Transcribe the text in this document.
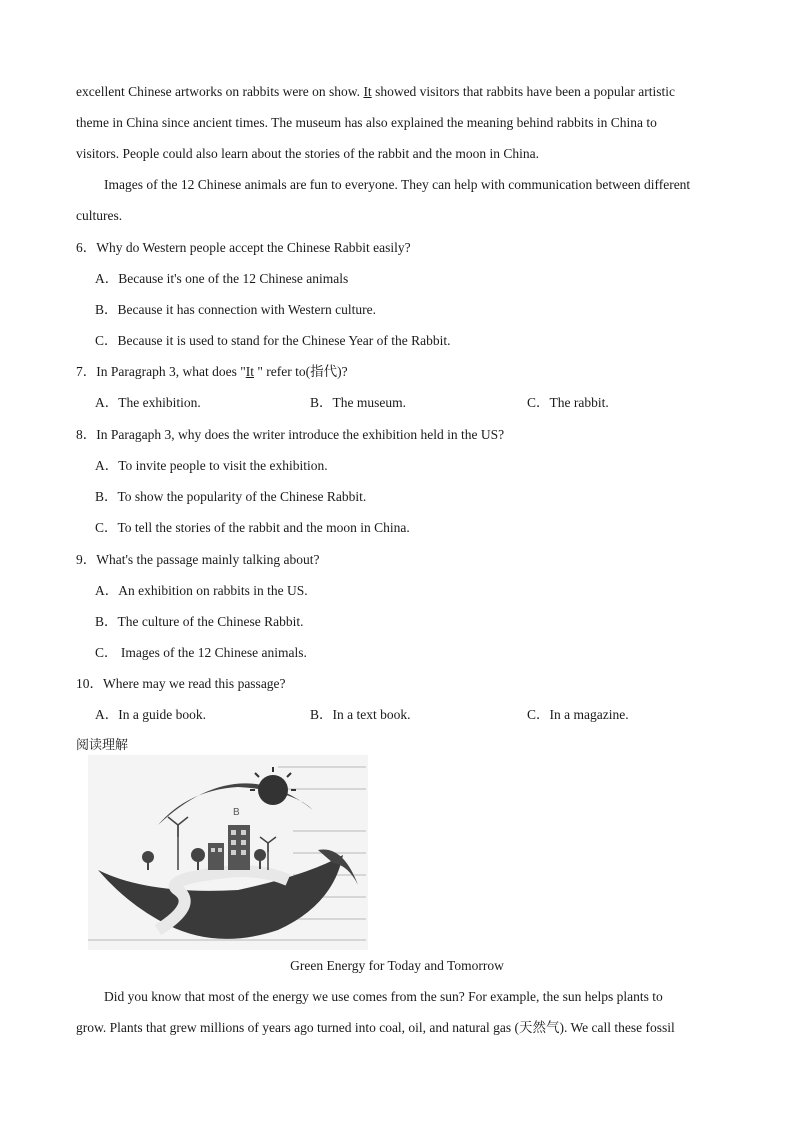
excellent Chinese artworks on rabbits were on show. It showed visitors that rabbits have been a popular artistic
theme in China since ancient times. The museum has also explained the meaning behind rabbits in China to
visitors. People could also learn about the stories of the rabbit and the moon in China.
Images of the 12 Chinese animals are fun to everyone. They can help with communication between different
cultures.
6．Why do Western people accept the Chinese Rabbit easily?
A．Because it's one of the 12 Chinese animals
B．Because it has connection with Western culture.
C．Because it is used to stand for the Chinese Year of the Rabbit.
7．In Paragraph 3, what does "It " refer to(指代)?
A．The exhibition.	B．The museum.	C．The rabbit.
8．In Paragaph 3, why does the writer introduce the exhibition held in the US?
A．To invite people to visit the exhibition.
B．To show the popularity of the Chinese Rabbit.
C．To tell the stories of the rabbit and the moon in China.
9．What's the passage mainly talking about?
A．An exhibition on rabbits in the US.
B．The culture of the Chinese Rabbit.
C． Images of the 12 Chinese animals.
10．Where may we read this passage?
A．In a guide book.	B．In a text book.	C．In a magazine.
阅读理解
B
Green Energy for Today and Tomorrow
Did you know that most of the energy we use comes from the sun? For example, the sun helps plants to
grow. Plants that grew millions of years ago turned into coal, oil, and natural gas (天然气). We call these fossil
